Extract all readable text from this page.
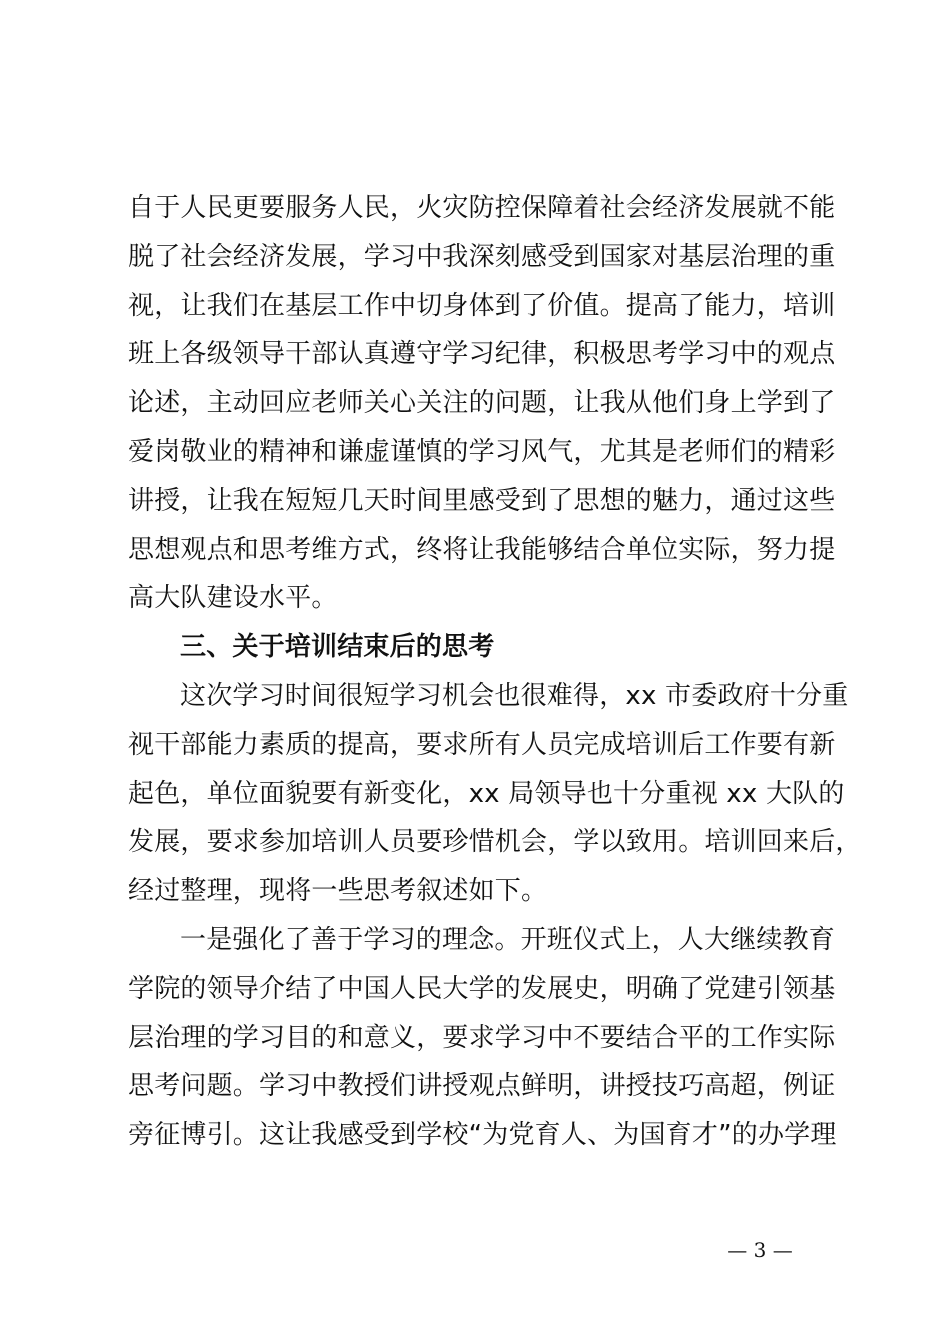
自于人民更要服务人民，火灾防控保障着社会经济发展就不能
脱了社会经济发展，学习中我深刻感受到国家对基层治理的重
视，让我们在基层工作中切身体到了价值。提高了能力，培训
班上各级领导干部认真遵守学习纪律，积极思考学习中的观点
论述，主动回应老师关心关注的问题，让我从他们身上学到了
爱岗敬业的精神和谦虚谨慎的学习风气，尤其是老师们的精彩
讲授，让我在短短几天时间里感受到了思想的魅力，通过这些
思想观点和思考维方式，终将让我能够结合单位实际，努力提
高大队建设水平。
三、关于培训结束后的思考
这次学习时间很短学习机会也很难得，xx 市委政府十分重
视干部能力素质的提高，要求所有人员完成培训后工作要有新
起色，单位面貌要有新变化，xx 局领导也十分重视 xx 大队的
发展，要求参加培训人员要珍惜机会，学以致用。培训回来后，
经过整理，现将一些思考叙述如下。
一是强化了善于学习的理念。开班仪式上，人大继续教育
学院的领导介结了中国人民大学的发展史，明确了党建引领基
层治理的学习目的和意义，要求学习中不要结合平的工作实际
思考问题。学习中教授们讲授观点鲜明，讲授技巧高超，例证
旁征博引。这让我感受到学校“为党育人、为国育才”的办学理
— 3 —
